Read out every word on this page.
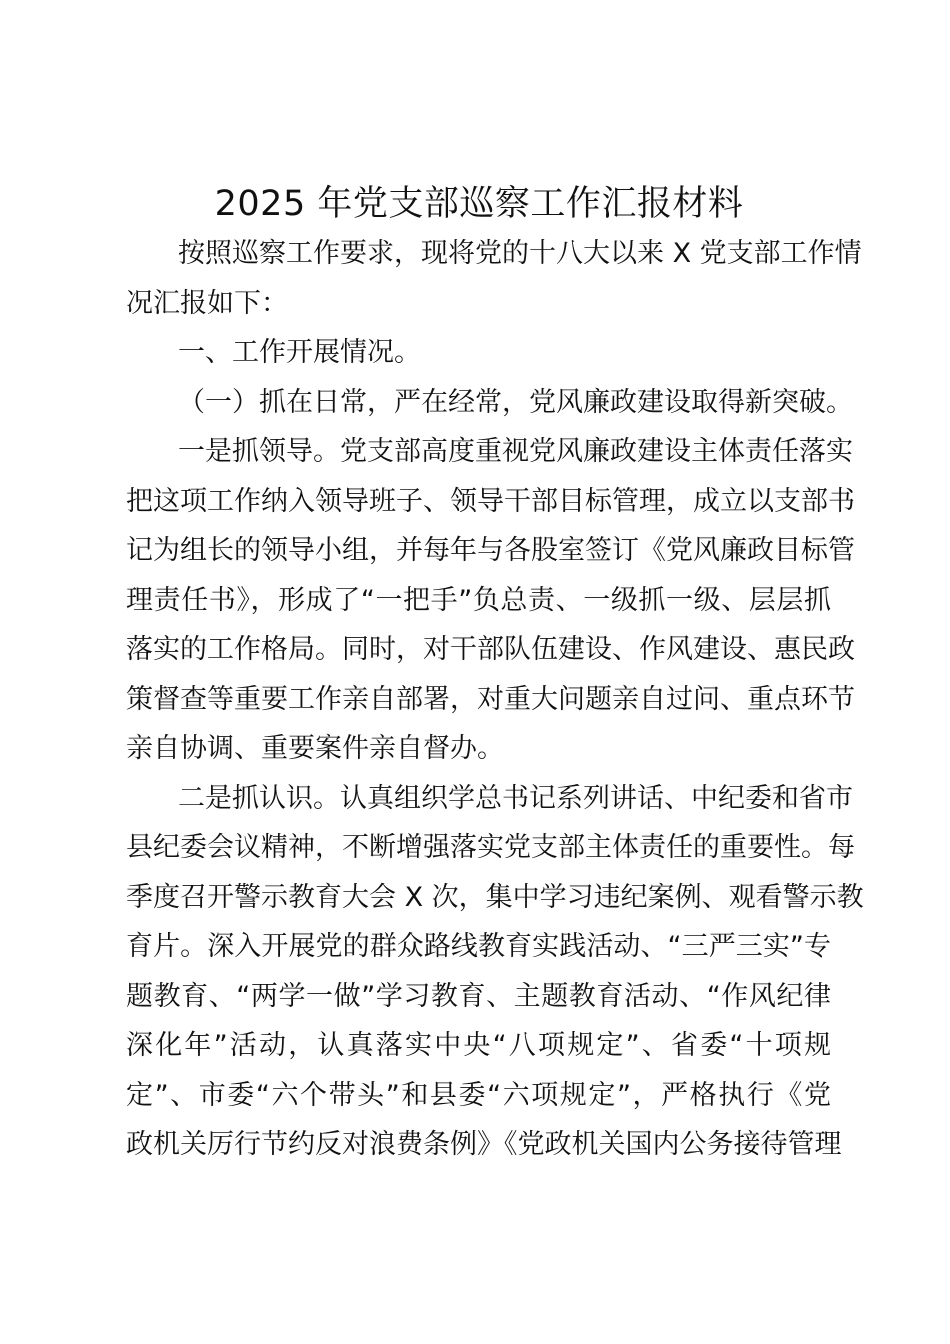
2025 年党支部巡察工作汇报材料

按照巡察工作要求，现将党的十八大以来 X 党支部工作情
况汇报如下：

一、工作开展情况。

（一）抓在日常，严在经常，党风廉政建设取得新突破。

一是抓领导。党支部高度重视党风廉政建设主体责任落实
把这项工作纳入领导班子、领导干部目标管理，成立以支部书
记为组长的领导小组，并每年与各股室签订《党风廉政目标管
理责任书》，形成了“一把手”负总责、一级抓一级、层层抓
落实的工作格局。同时，对干部队伍建设、作风建设、惠民政
策督查等重要工作亲自部署，对重大问题亲自过问、重点环节
亲自协调、重要案件亲自督办。

二是抓认识。认真组织学总书记系列讲话、中纪委和省市
县纪委会议精神，不断增强落实党支部主体责任的重要性。每
季度召开警示教育大会 X 次，集中学习违纪案例、观看警示教
育片。深入开展党的群众路线教育实践活动、“三严三实”专
题教育、“两学一做”学习教育、主题教育活动、“作风纪律
深化年”活动，认真落实中央“八项规定”、省委“十项规
定”、市委“六个带头”和县委“六项规定”，严格执行《党
政机关厉行节约反对浪费条例》《党政机关国内公务接待管理
